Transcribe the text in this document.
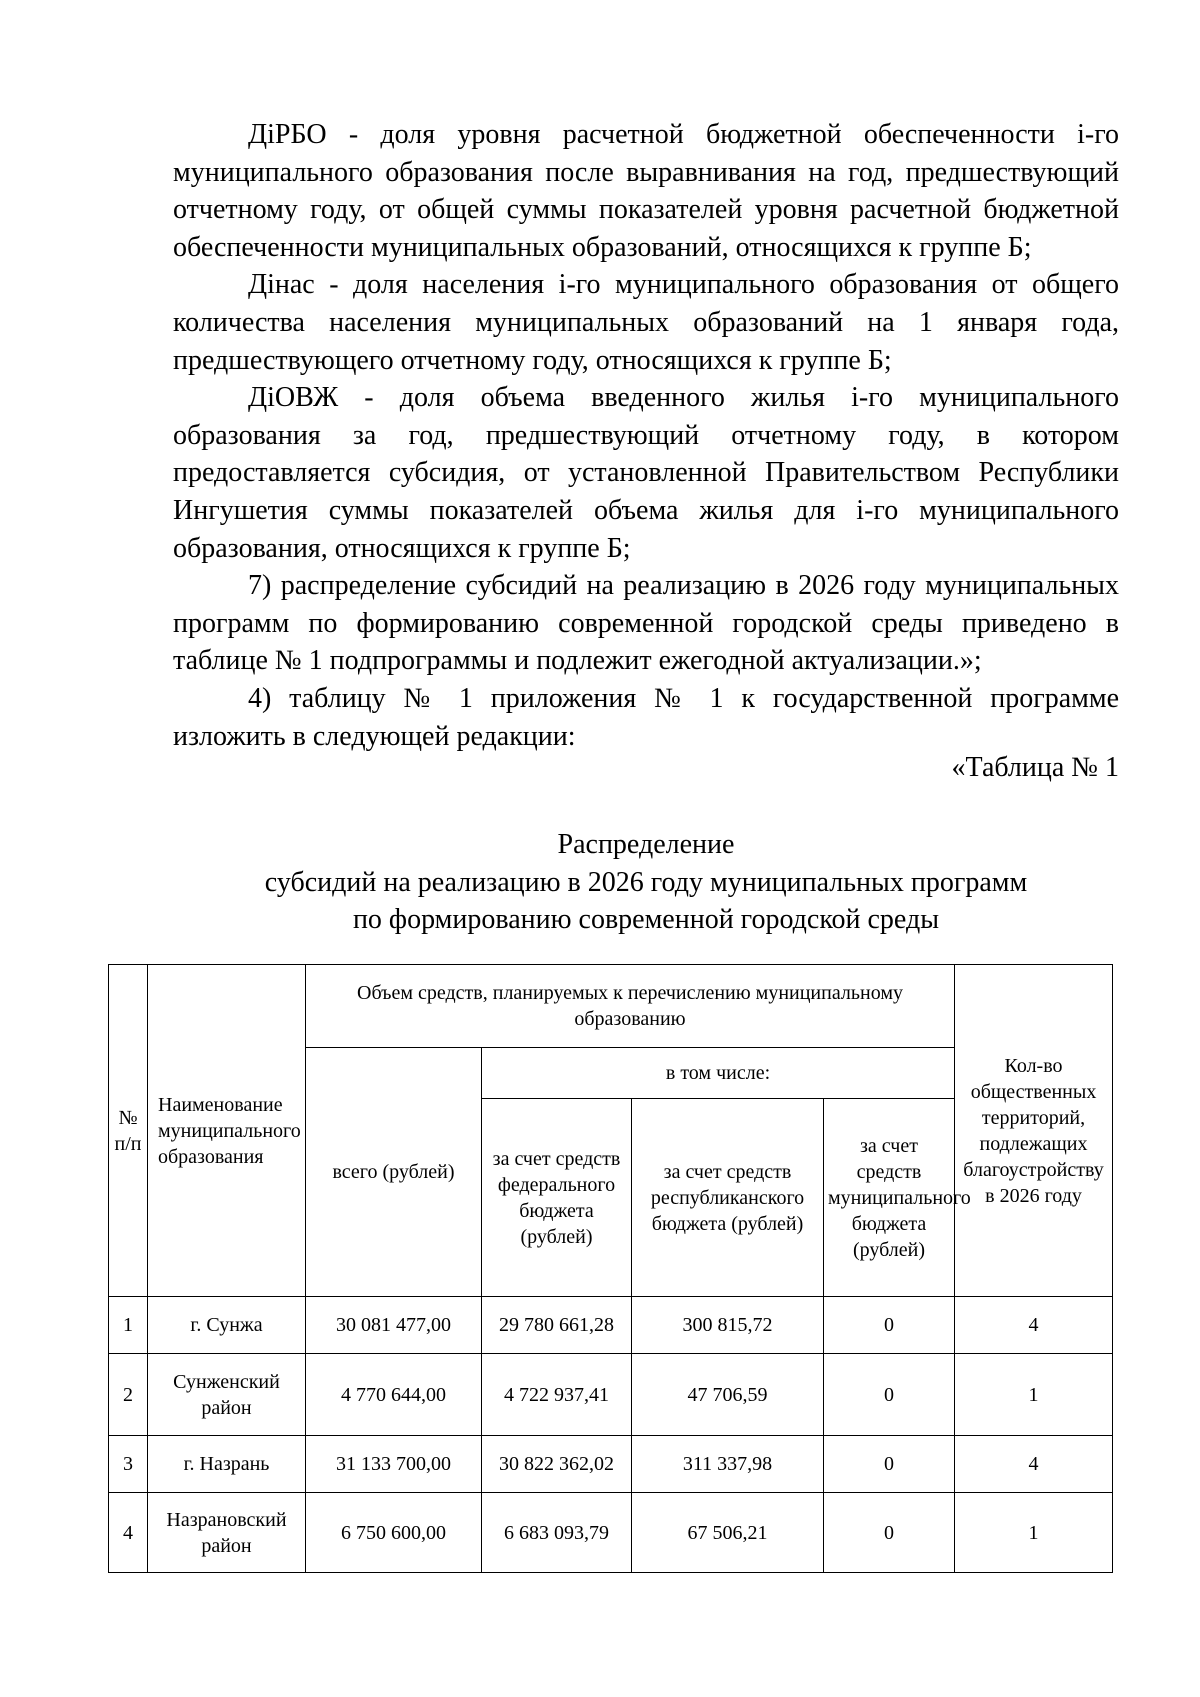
ДiРБО - доля уровня расчетной бюджетной обеспеченности i-го муниципального образования после выравнивания на год, предшествующий отчетному году, от общей суммы показателей уровня расчетной бюджетной обеспеченности муниципальных образований, относящихся к группе Б;

Дiнас - доля населения i-го муниципального образования от общего количества населения муниципальных образований на 1 января года, предшествующего отчетному году, относящихся к группе Б;

ДiОВЖ - доля объема введенного жилья i-го муниципального образования за год, предшествующий отчетному году, в котором предоставляется субсидия, от установленной Правительством Республики Ингушетия суммы показателей объема жилья для i-го муниципального образования, относящихся к группе Б;

7) распределение субсидий на реализацию в 2026 году муниципальных программ по формированию современной городской среды приведено в таблице № 1 подпрограммы и подлежит ежегодной актуализации.»;

4) таблицу № 1 приложения № 1 к государственной программе изложить в следующей редакции:

«Таблица № 1
Распределение
субсидий на реализацию в 2026 году муниципальных программ
по формированию современной городской среды
№ п/п	Наименование муниципального образования	Объем средств, планируемых к перечислению муниципальному образованию				Кол-во общественных территорий, подлежащих благоустройству в 2026 году
		всего (рублей)	в том числе:			
			за счет средств федерального бюджета (рублей)	за счет средств республиканского бюджета (рублей)	за счет средств муниципального бюджета (рублей)	
1	г. Сунжа	30 081 477,00	29 780 661,28	300 815,72	0	4
2	Сунженский район	4 770 644,00	4 722 937,41	47 706,59	0	1
3	г. Назрань	31 133 700,00	30 822 362,02	311 337,98	0	4
4	Назрановский район	6 750 600,00	6 683 093,79	67 506,21	0	1
